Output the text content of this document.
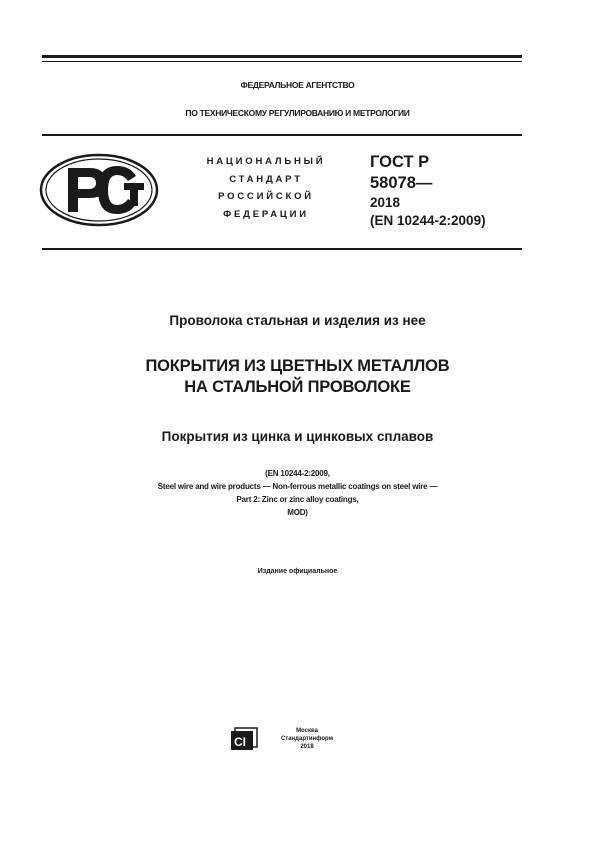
ФЕДЕРАЛЬНОЕ АГЕНТСТВО
ПО ТЕХНИЧЕСКОМУ РЕГУЛИРОВАНИЮ И МЕТРОЛОГИИ
НАЦИОНАЛЬНЫЙ
СТАНДАРТ
РОССИЙСКОЙ
ФЕДЕРАЦИИ
ГОСТ Р
58078—
2018
(EN 10244-2:2009)
Проволока стальная и изделия из нее
ПОКРЫТИЯ ИЗ ЦВЕТНЫХ МЕТАЛЛОВ
НА СТАЛЬНОЙ ПРОВОЛОКЕ
Покрытия из цинка и цинковых сплавов
(EN 10244-2:2009,
Steel wire and wire products — Non-ferrous metallic coatings on steel wire —
Part 2: Zinc or zinc alloy coatings,
MOD)
Издание официальное
CI
Москва
Стандартинформ
2018
